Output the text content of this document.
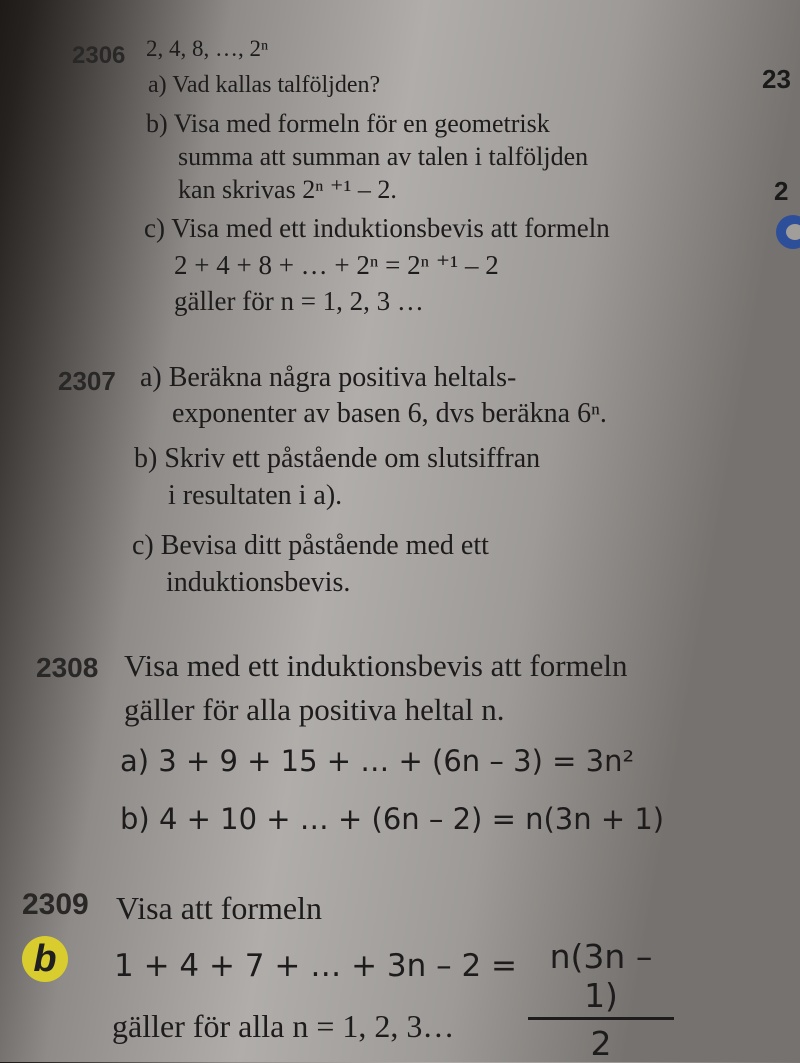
23
2
2306 2, 4, 8, …, 2ⁿ
a) Vad kallas talföljden?
b) Visa med formeln för en geometrisk
summa att summan av talen i talföljden
kan skrivas 2ⁿ ⁺¹ – 2.
c) Visa med ett induktionsbevis att formeln
2 + 4 + 8 + … + 2ⁿ = 2ⁿ ⁺¹ – 2
gäller för n = 1, 2, 3 …
2307 a) Beräkna några positiva heltals-
exponenter av basen 6, dvs beräkna 6ⁿ.
b) Skriv ett påstående om slutsiffran
i resultaten i a).
c) Bevisa ditt påstående med ett
induktionsbevis.
2308 Visa med ett induktionsbevis att formeln
gäller för alla positiva heltal n.
a) 3 + 9 + 15 + … + (6n – 3) = 3n²
b) 4 + 10 + … + (6n – 2) = n(3n + 1)
2309 Visa att formeln
b 1 + 4 + 7 + … + 3n – 2 = n(3n – 1)
2
gäller för alla n = 1, 2, 3…
